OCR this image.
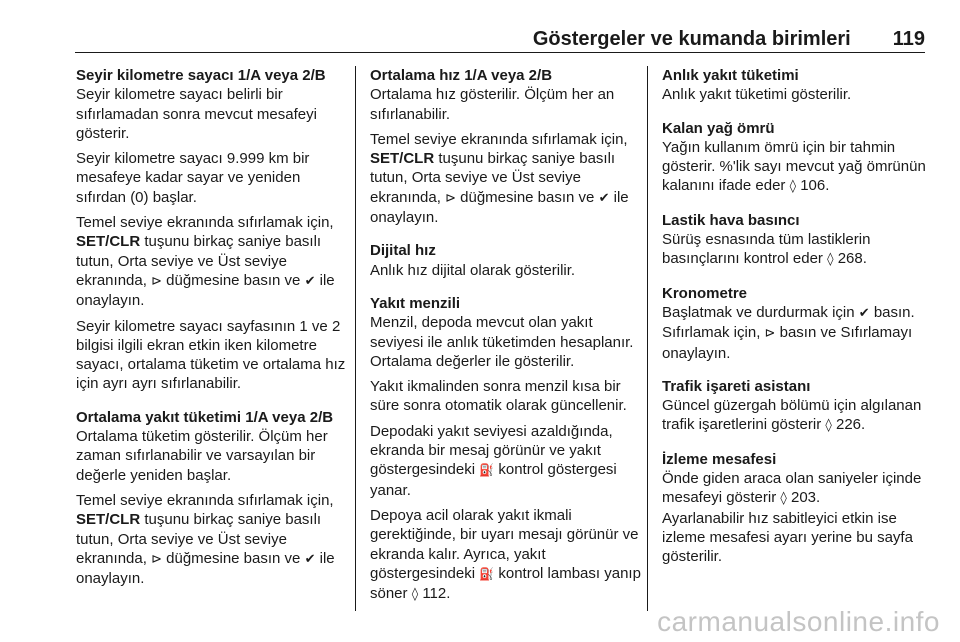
Göstergeler ve kumanda birimleri 119
Seyir kilometre sayacı 1/A veya 2/B

Seyir kilometre sayacı belirli bir sıfırlamadan sonra mevcut mesafeyi gösterir.

Seyir kilometre sayacı 9.999 km bir mesafeye kadar sayar ve yeniden sıfırdan (0) başlar.

Temel seviye ekranında sıfırlamak için, SET/CLR tuşunu birkaç saniye basılı tutun, Orta seviye ve Üst seviye ekranında, ⊳ düğmesine basın ve ✔ ile onaylayın.

Seyir kilometre sayacı sayfasının 1 ve 2 bilgisi ilgili ekran etkin iken kilometre sayacı, ortalama tüketim ve ortalama hız için ayrı ayrı sıfırlanabilir.

Ortalama yakıt tüketimi 1/A veya 2/B

Ortalama tüketim gösterilir. Ölçüm her zaman sıfırlanabilir ve varsayılan bir değerle yeniden başlar.

Temel seviye ekranında sıfırlamak için, SET/CLR tuşunu birkaç saniye basılı tutun, Orta seviye ve Üst seviye ekranında, ⊳ düğmesine basın ve ✔ ile onaylayın.

Ortalama hız 1/A veya 2/B

Ortalama hız gösterilir. Ölçüm her an sıfırlanabilir.

Temel seviye ekranında sıfırlamak için, SET/CLR tuşunu birkaç saniye basılı tutun, Orta seviye ve Üst seviye ekranında, ⊳ düğmesine basın ve ✔ ile onaylayın.

Dijital hız

Anlık hız dijital olarak gösterilir.

Yakıt menzili

Menzil, depoda mevcut olan yakıt seviyesi ile anlık tüketimden hesaplanır. Ortalama değerler ile gösterilir.

Yakıt ikmalinden sonra menzil kısa bir süre sonra otomatik olarak güncellenir.

Depodaki yakıt seviyesi azaldığında, ekranda bir mesaj görünür ve yakıt göstergesindeki ⛽ kontrol göstergesi yanar.

Depoya acil olarak yakıt ikmali gerektiğinde, bir uyarı mesajı görünür ve ekranda kalır. Ayrıca, yakıt göstergesindeki ⛽ kontrol lambası yanıp söner ◊ 112.

Anlık yakıt tüketimi

Anlık yakıt tüketimi gösterilir.

Kalan yağ ömrü

Yağın kullanım ömrü için bir tahmin gösterir. %'lik sayı mevcut yağ ömrünün kalanını ifade eder ◊ 106.

Lastik hava basıncı

Sürüş esnasında tüm lastiklerin basınçlarını kontrol eder ◊ 268.

Kronometre

Başlatmak ve durdurmak için ✔ basın. Sıfırlamak için, ⊳ basın ve Sıfırlamayı onaylayın.

Trafik işareti asistanı

Güncel güzergah bölümü için algılanan trafik işaretlerini gösterir ◊ 226.

İzleme mesafesi

Önde giden araca olan saniyeler içinde mesafeyi gösterir ◊ 203.

Ayarlanabilir hız sabitleyici etkin ise izleme mesafesi ayarı yerine bu sayfa gösterilir.

carmanualsonline.info
